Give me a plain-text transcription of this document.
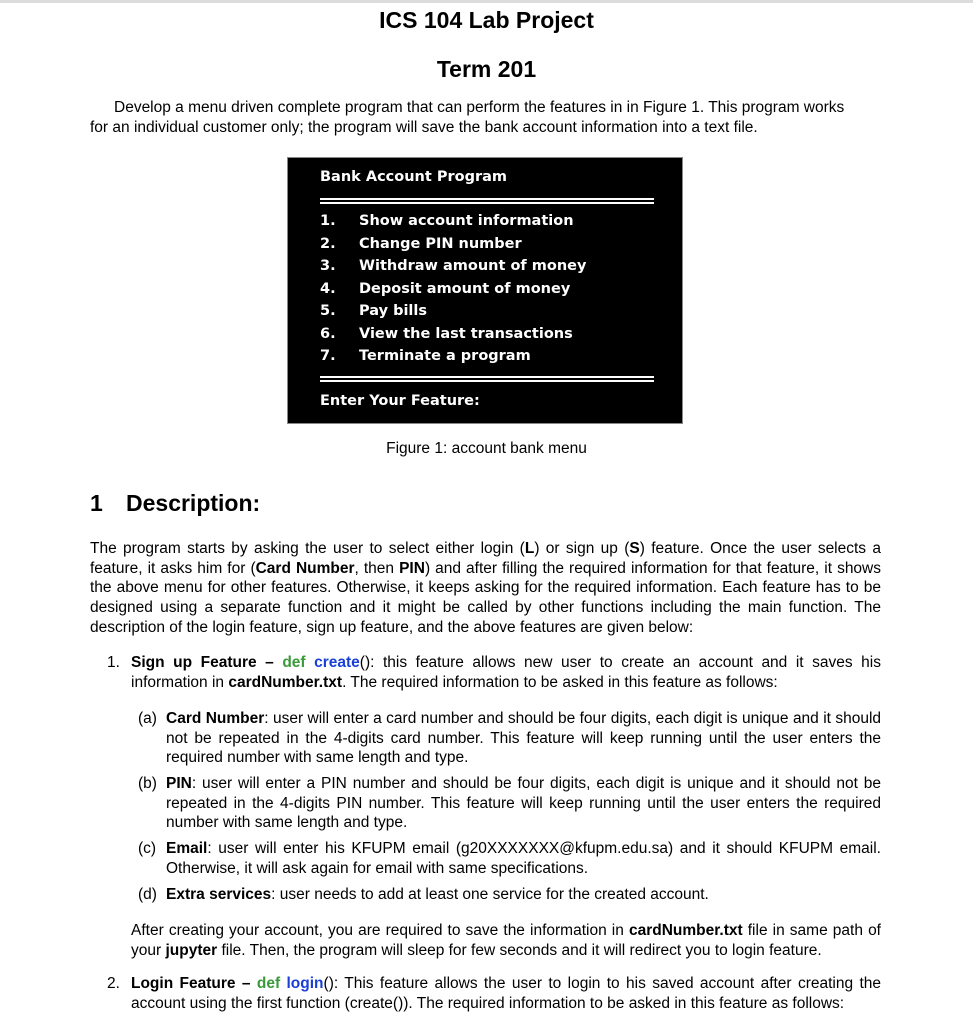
ICS 104 Lab Project
Term 201

Develop a menu driven complete program that can perform the features in in Figure 1. This program works
for an individual customer only; the program will save the bank account information into a text file.

Bank Account Program
1. Show account information
2. Change PIN number
3. Withdraw amount of money
4. Deposit amount of money
5. Pay bills
6. View the last transactions
7. Terminate a program
Enter Your Feature:
Figure 1: account bank menu
1 Description:

The program starts by asking the user to select either login (L) or sign up (S) feature. Once the user selects a feature, it asks him for (Card Number, then PIN) and after filling the required information for that feature, it shows the above menu for other features. Otherwise, it keeps asking for the required information. Each feature has to be designed using a separate function and it might be called by other functions including the main function. The description of the login feature, sign up feature, and the above features are given below:

1. Sign up Feature – def create(): this feature allows new user to create an account and it saves his information in cardNumber.txt. The required information to be asked in this feature as follows:

(a) Card Number: user will enter a card number and should be four digits, each digit is unique and it should not be repeated in the 4-digits card number. This feature will keep running until the user enters the required number with same length and type.

(b) PIN: user will enter a PIN number and should be four digits, each digit is unique and it should not be repeated in the 4-digits PIN number. This feature will keep running until the user enters the required number with same length and type.

(c) Email: user will enter his KFUPM email (g20XXXXXXX@kfupm.edu.sa) and it should KFUPM email. Otherwise, it will ask again for email with same specifications.

(d) Extra services: user needs to add at least one service for the created account.

After creating your account, you are required to save the information in cardNumber.txt file in same path of your jupyter file. Then, the program will sleep for few seconds and it will redirect you to login feature.

2. Login Feature – def login(): This feature allows the user to login to his saved account after creating the account using the first function (create()). The required information to be asked in this feature as follows:
